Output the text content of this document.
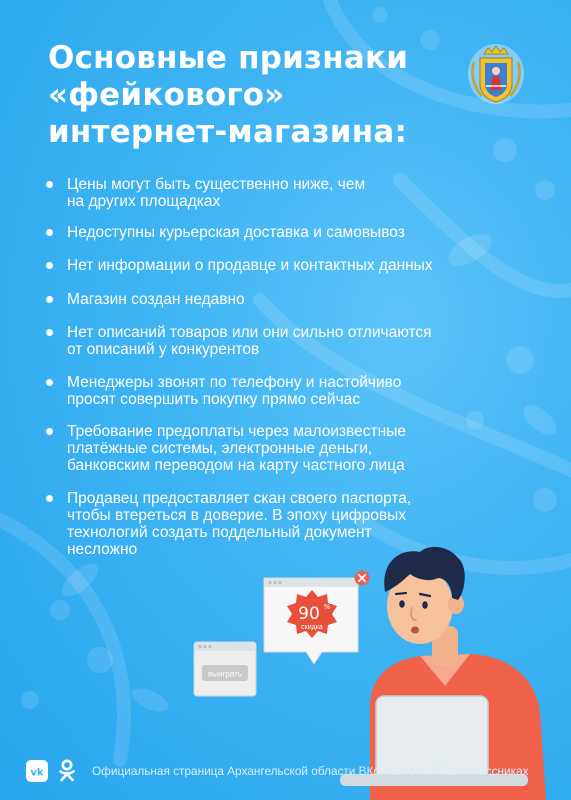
Основные признаки
«фейкового»
интернет-магазина:
Цены могут быть существенно ниже, чем
на других площадках
Недоступны курьерская доставка и самовывоз
Нет информации о продавце и контактных данных
Магазин создан недавно
Нет описаний товаров или они сильно отличаются
от описаний у конкурентов
Менеджеры звонят по телефону и настойчиво
просят совершить покупку прямо сейчас
Требование предоплаты через малоизвестные
платёжные системы, электронные деньги,
банковским переводом на карту частного лица
Продавец предоставляет скан своего паспорта,
чтобы втереться в доверие. В эпоху цифровых
технологий создать поддельный документ
несложно
выиграть
90 %
скидка
vk	Официальная страница Архангельской области ВКонтакте и в Одноклассниках
